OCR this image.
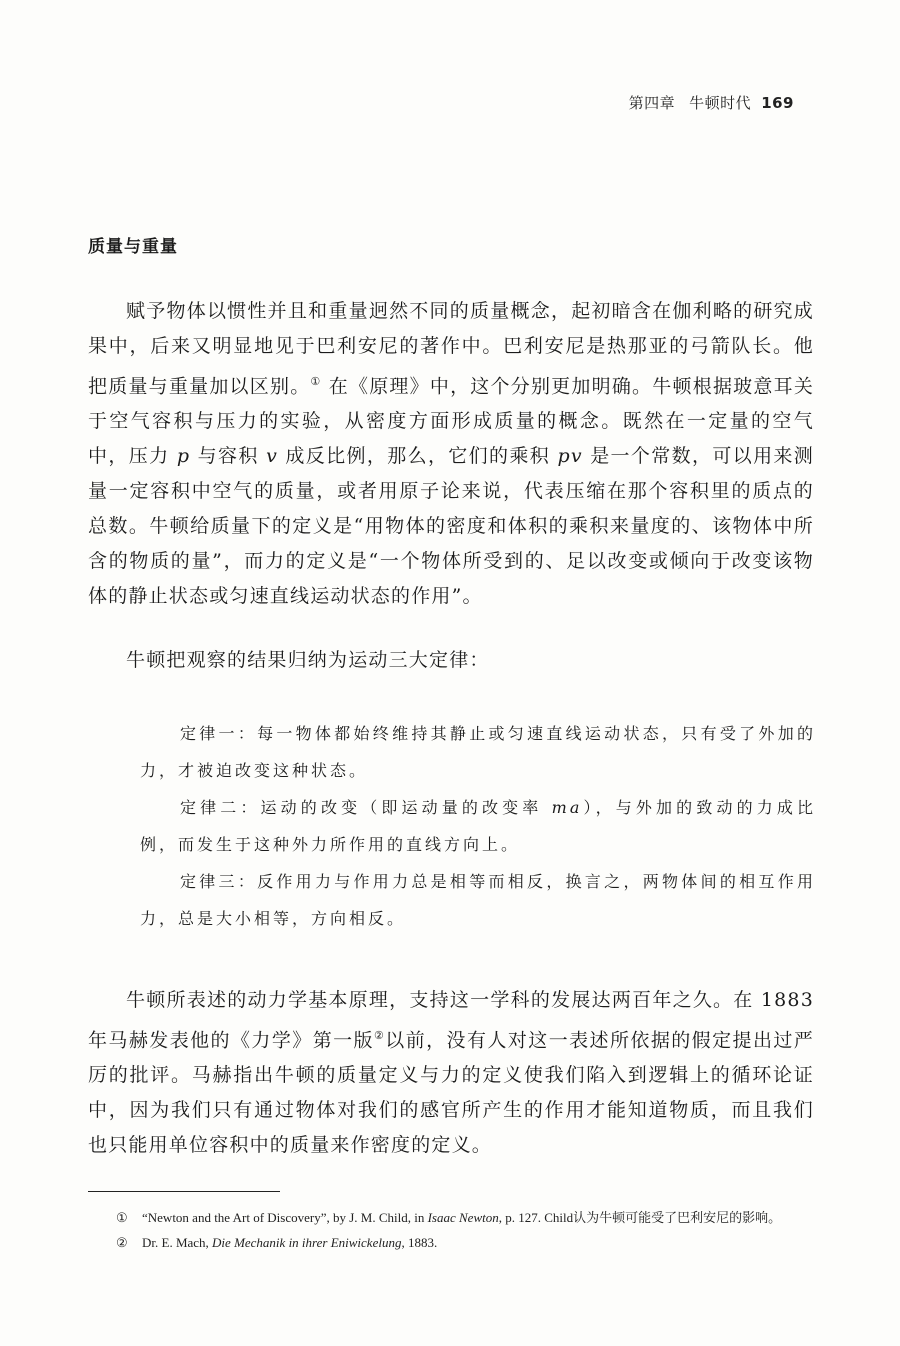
第四章 牛顿时代 169
质量与重量

赋予物体以惯性并且和重量迥然不同的质量概念，起初暗含在伽利略的研究成果中，后来又明显地见于巴利安尼的著作中。巴利安尼是热那亚的弓箭队长。他把质量与重量加以区别。① 在《原理》中，这个分别更加明确。牛顿根据玻意耳关于空气容积与压力的实验，从密度方面形成质量的概念。既然在一定量的空气中，压力 p 与容积 v 成反比例，那么，它们的乘积 pv 是一个常数，可以用来测量一定容积中空气的质量，或者用原子论来说，代表压缩在那个容积里的质点的总数。牛顿给质量下的定义是“用物体的密度和体积的乘积来量度的、该物体中所含的物质的量”，而力的定义是“一个物体所受到的、足以改变或倾向于改变该物体的静止状态或匀速直线运动状态的作用”。

牛顿把观察的结果归纳为运动三大定律：

定律一：每一物体都始终维持其静止或匀速直线运动状态，只有受了外加的力，才被迫改变这种状态。

定律二：运动的改变（即运动量的改变率 ma），与外加的致动的力成比例，而发生于这种外力所作用的直线方向上。

定律三：反作用力与作用力总是相等而相反，换言之，两物体间的相互作用力，总是大小相等，方向相反。

牛顿所表述的动力学基本原理，支持这一学科的发展达两百年之久。在 1883 年马赫发表他的《力学》第一版②以前，没有人对这一表述所依据的假定提出过严厉的批评。马赫指出牛顿的质量定义与力的定义使我们陷入到逻辑上的循环论证中，因为我们只有通过物体对我们的感官所产生的作用才能知道物质，而且我们也只能用单位容积中的质量来作密度的定义。

① “Newton and the Art of Discovery”, by J. M. Child, in Isaac Newton, p. 127. Child认为牛顿可能受了巴利安尼的影响。

② Dr. E. Mach, Die Mechanik in ihrer Eniwickelung, 1883.
